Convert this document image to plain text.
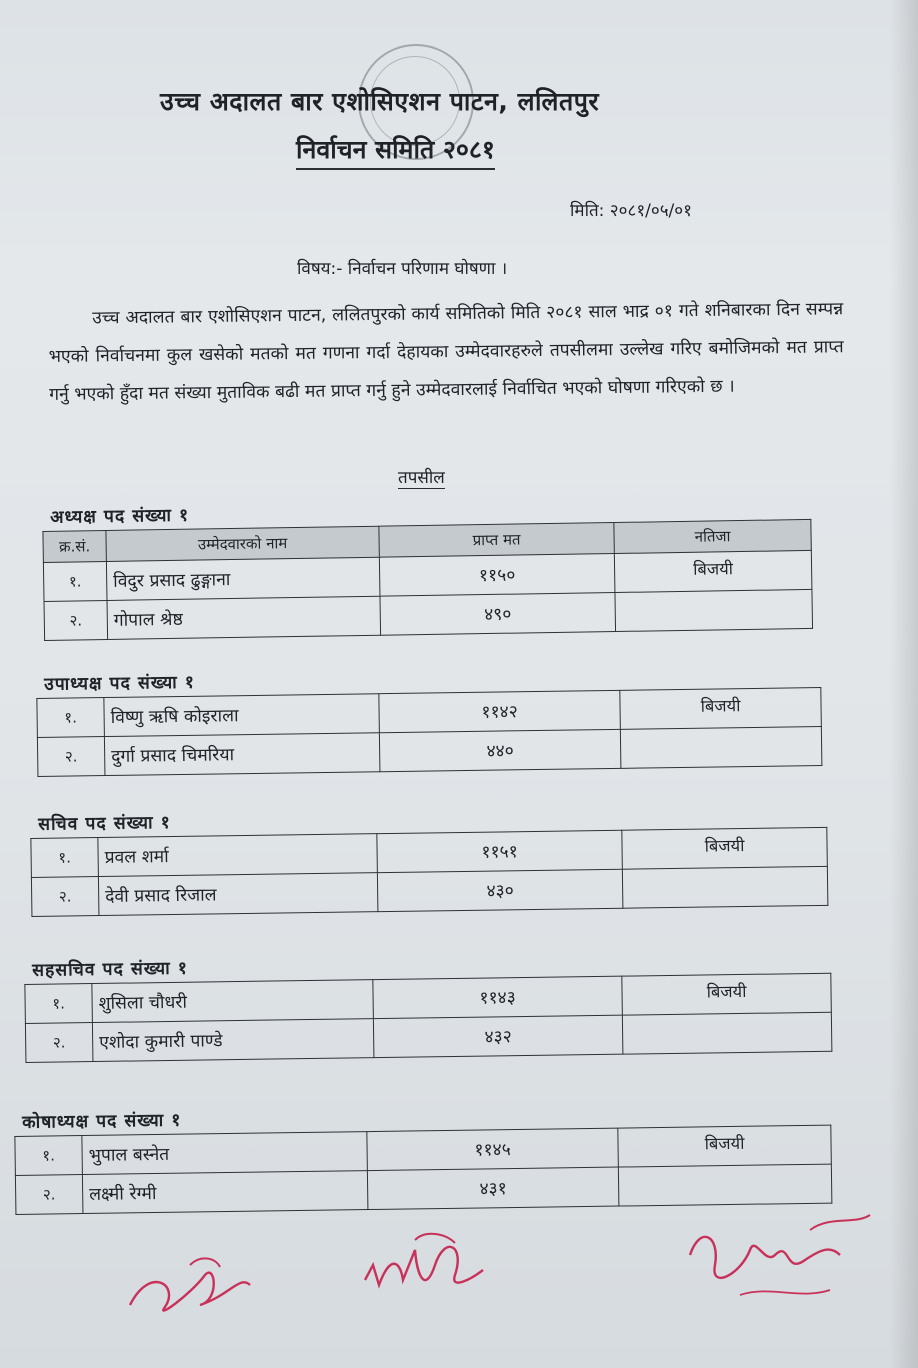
उच्च अदालत बार एशोसिएशन पाटन, ललितपुर
निर्वाचन समिति २०८१
मिति: २०८१/०५/०१
विषय:- निर्वाचन परिणाम घोषणा ।
उच्च अदालत बार एशोसिएशन पाटन, ललितपुरको कार्य समितिको मिति २०८१ साल भाद्र ०१ गते शनिबारका दिन सम्पन्न भएको निर्वाचनमा कुल खसेको मतको मत गणना गर्दा देहायका उम्मेदवारहरुले तपसीलमा उल्लेख गरिए बमोजिमको मत प्राप्त गर्नु भएको हुँदा मत संख्या मुताविक बढी मत प्राप्त गर्नु हुने उम्मेदवारलाई निर्वाचित भएको घोषणा गरिएको छ ।
तपसील
अध्यक्ष पद संख्या १
क्र.सं.	उम्मेदवारको नाम	प्राप्त मत	नतिजा
१.	विदुर प्रसाद ढुङ्गाना	११५०	बिजयी
२.	गोपाल श्रेष्ठ	४९०	
उपाध्यक्ष पद संख्या १
१.	विष्णु ऋषि कोइराला	११४२	बिजयी
२.	दुर्गा प्रसाद चिमरिया	४४०	
सचिव पद संख्या १
१.	प्रवल शर्मा	११५१	बिजयी
२.	देवी प्रसाद रिजाल	४३०	
सहसचिव पद संख्या १
१.	शुसिला चौधरी	११४३	बिजयी
२.	एशोदा कुमारी पाण्डे	४३२	
कोषाध्यक्ष पद संख्या १
१.	भुपाल बस्नेत	११४५	बिजयी
२.	लक्ष्मी रेग्मी	४३१	
